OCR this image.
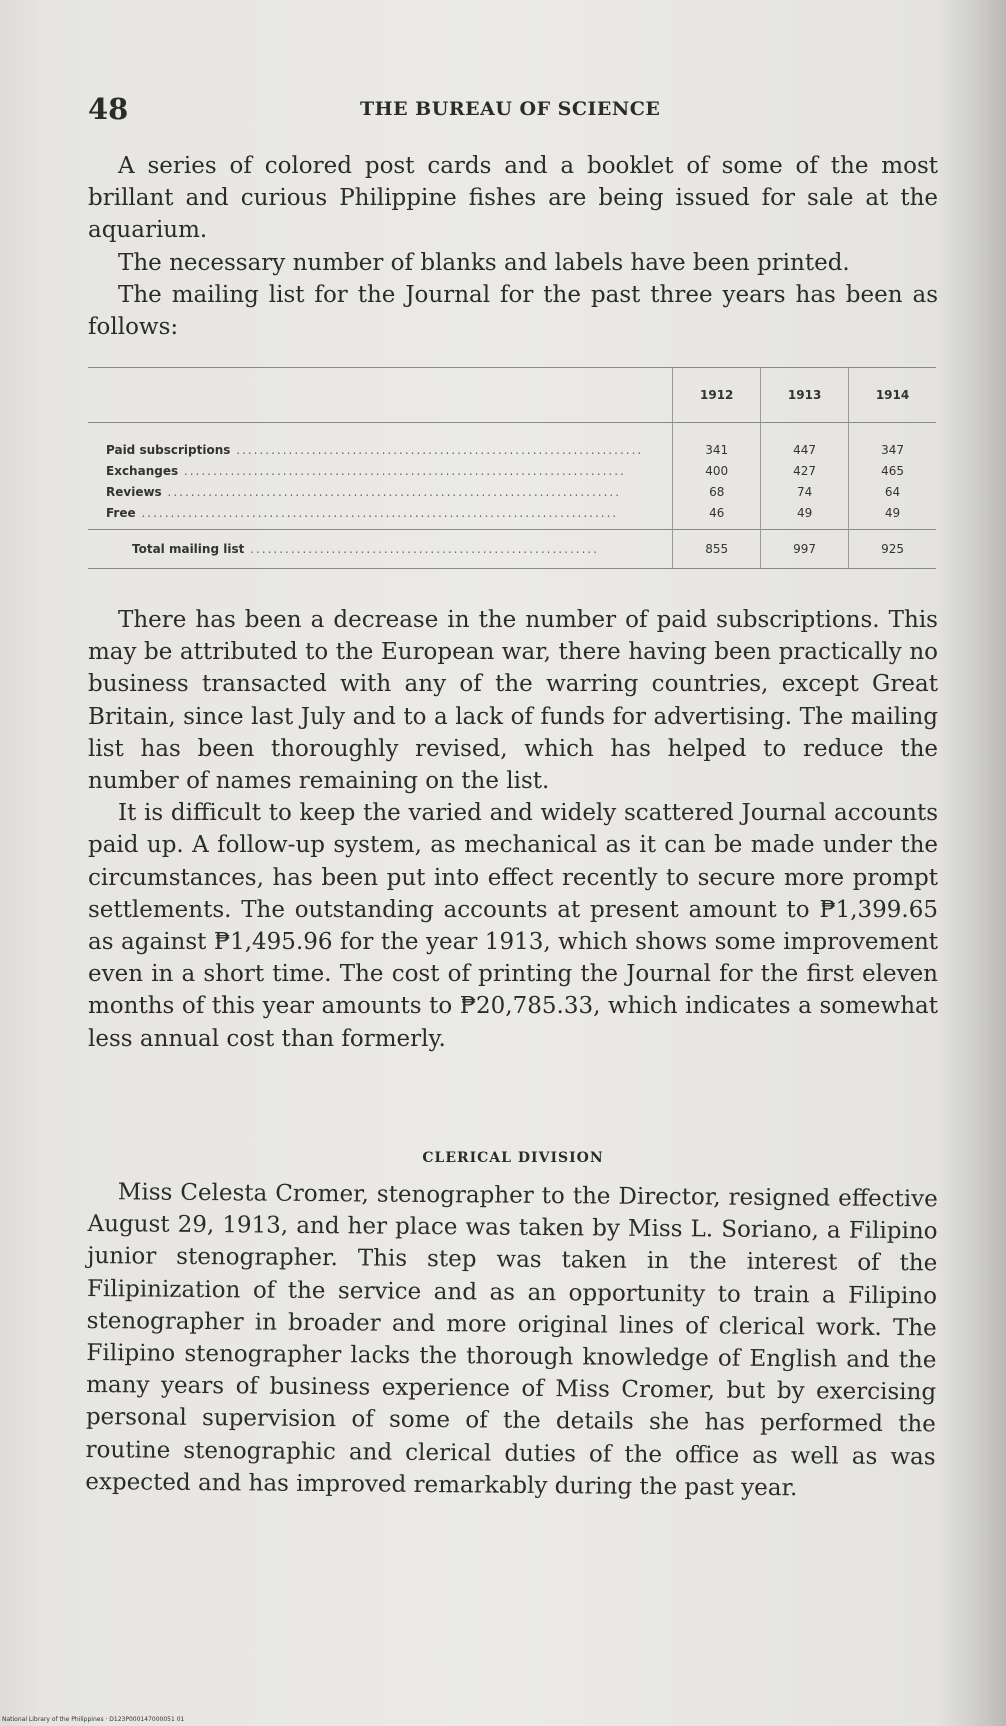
48	THE BUREAU OF SCIENCE

A series of colored post cards and a booklet of some of the most brillant and curious Philippine fishes are being issued for sale at the aquarium.

The necessary number of blanks and labels have been printed.

The mailing list for the Journal for the past three years has been as follows:

	1912	1913	1914
Paid subscriptions ......................................................................	341	447	347
Exchanges ............................................................................	400	427	465
Reviews ..............................................................................	68	74	64
Free ..................................................................................	46	49	49

Total mailing list ............................................................	855	997	925

There has been a decrease in the number of paid subscriptions. This may be attributed to the European war, there having been practically no business transacted with any of the warring countries, except Great Britain, since last July and to a lack of funds for advertising. The mailing list has been thoroughly revised, which has helped to reduce the number of names remaining on the list.

It is difficult to keep the varied and widely scattered Journal accounts paid up. A follow-up system, as mechanical as it can be made under the circumstances, has been put into effect recently to secure more prompt settlements. The outstanding accounts at present amount to ₱1,399.65 as against ₱1,495.96 for the year 1913, which shows some improvement even in a short time. The cost of printing the Journal for the first eleven months of this year amounts to ₱20,785.33, which indicates a somewhat less annual cost than formerly.

CLERICAL DIVISION

Miss Celesta Cromer, stenographer to the Director, resigned effective August 29, 1913, and her place was taken by Miss L. Soriano, a Filipino junior stenographer. This step was taken in the interest of the Filipinization of the service and as an opportunity to train a Filipino stenographer in broader and more original lines of clerical work. The Filipino stenographer lacks the thorough knowledge of English and the many years of business experience of Miss Cromer, but by exercising personal supervision of some of the details she has performed the routine stenographic and clerical duties of the office as well as was expected and has improved remarkably during the past year.

National Library of the Philippines · D123P000147000051 01
